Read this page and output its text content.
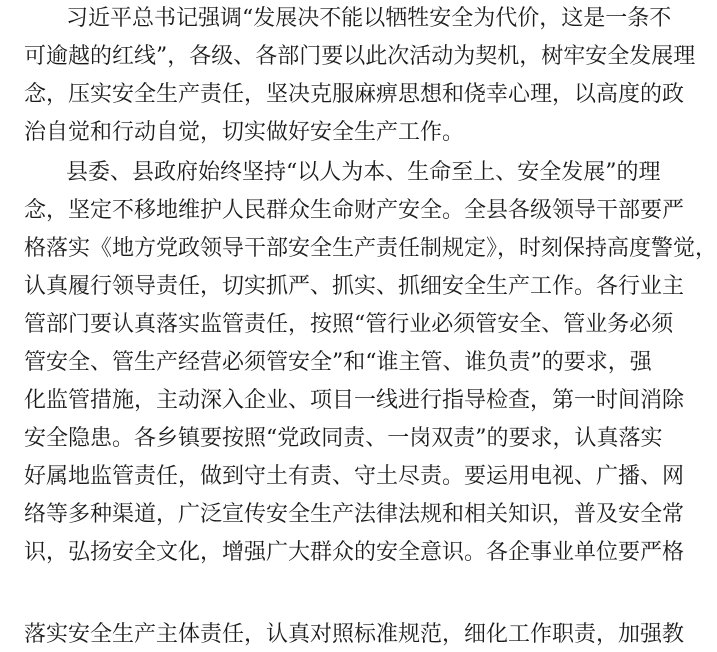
习近平总书记强调“发展决不能以牺牲安全为代价，这是一条不
可逾越的红线”，各级、各部门要以此次活动为契机，树牢安全发展理
念，压实安全生产责任，坚决克服麻痹思想和侥幸心理，以高度的政
治自觉和行动自觉，切实做好安全生产工作。
县委、县政府始终坚持“以人为本、生命至上、安全发展”的理
念，坚定不移地维护人民群众生命财产安全。全县各级领导干部要严
格落实《地方党政领导干部安全生产责任制规定》，时刻保持高度警觉，
认真履行领导责任，切实抓严、抓实、抓细安全生产工作。各行业主
管部门要认真落实监管责任，按照“管行业必须管安全、管业务必须
管安全、管生产经营必须管安全”和“谁主管、谁负责”的要求，强
化监管措施，主动深入企业、项目一线进行指导检查，第一时间消除
安全隐患。各乡镇要按照“党政同责、一岗双责”的要求，认真落实
好属地监管责任，做到守土有责、守土尽责。要运用电视、广播、网
络等多种渠道，广泛宣传安全生产法律法规和相关知识，普及安全常
识，弘扬安全文化，增强广大群众的安全意识。各企事业单位要严格
落实安全生产主体责任，认真对照标准规范，细化工作职责，加强教
